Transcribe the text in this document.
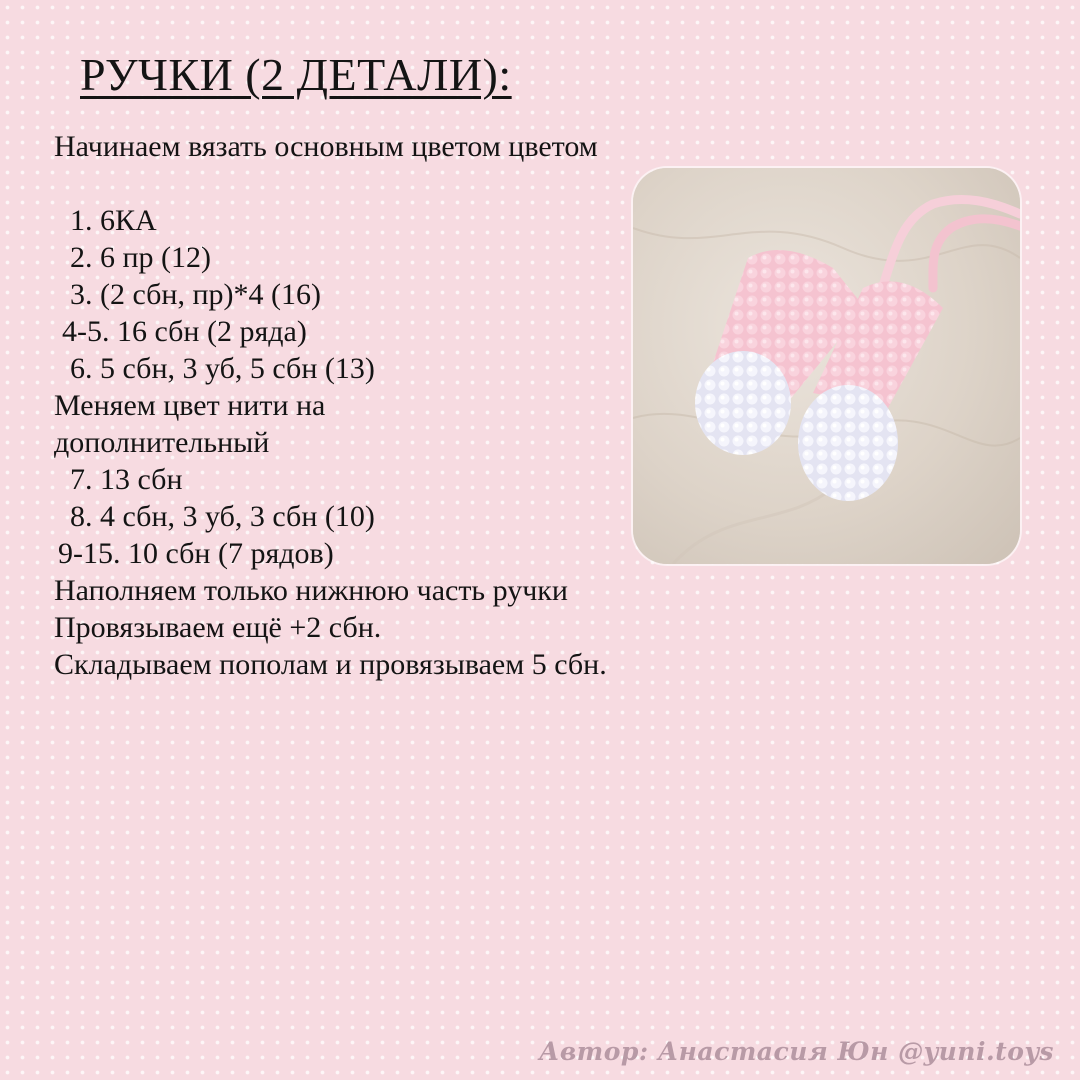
РУЧКИ (2 ДЕТАЛИ):

Начинаем вязать основным цветом цветом

1. 6КА
2. 6 пр (12)
3. (2 сбн, пр)*4 (16)
4-5. 16 сбн (2 ряда)
6. 5 сбн, 3 уб, 5 сбн (13)
Меняем цвет нити на
дополнительный
7. 13 сбн
8. 4 сбн, 3 уб, 3 сбн (10)
9-15. 10 сбн (7 рядов)
Наполняем только нижнюю часть ручки
Провязываем ещё +2 сбн.
Складываем пополам и провязываем 5 сбн.
Автор: Анастасия Юн @yuni.toys
